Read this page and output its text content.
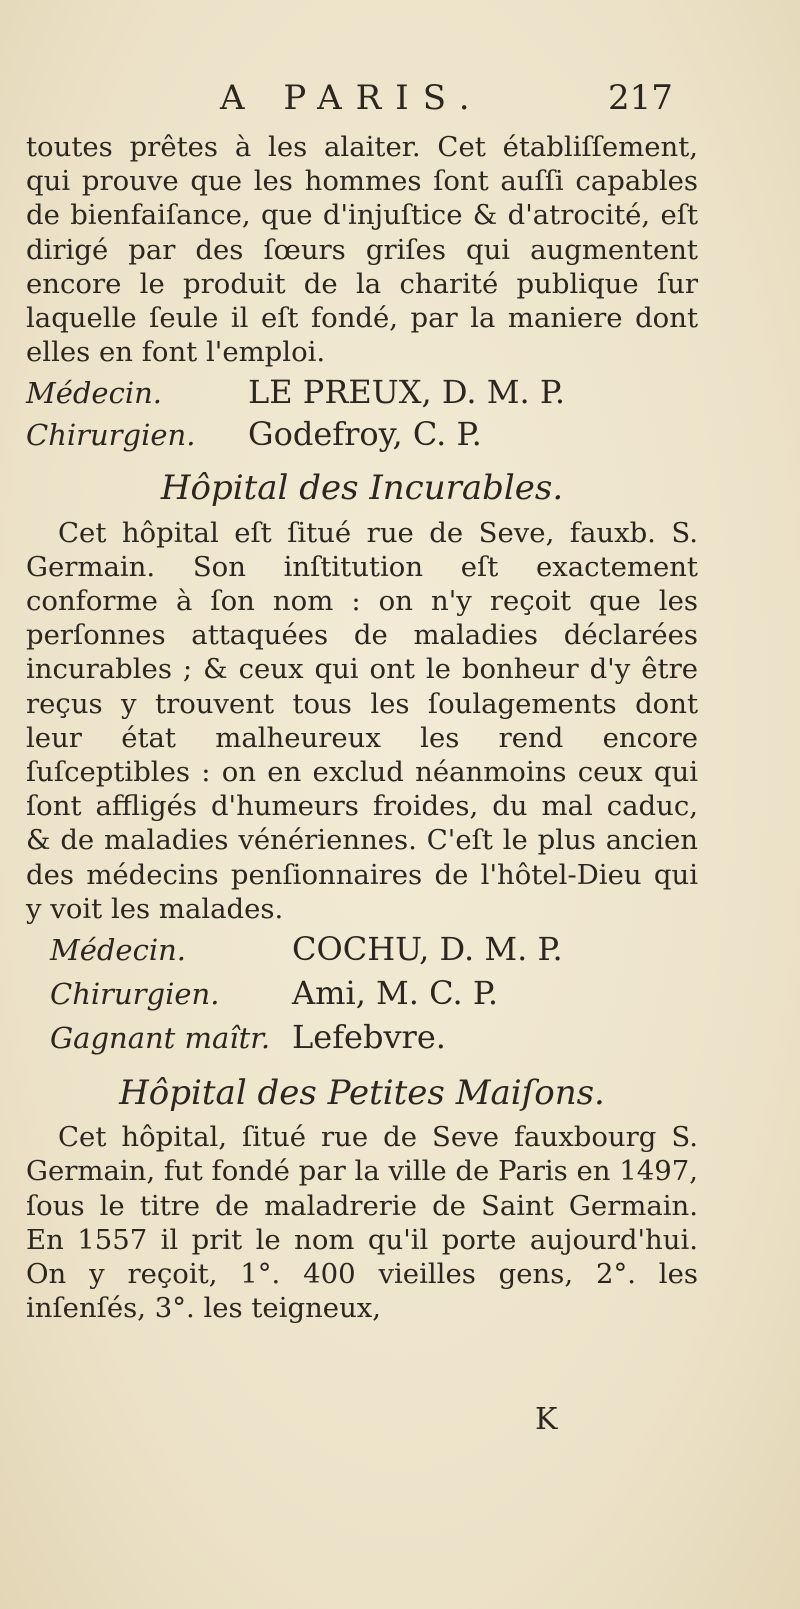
A PARIS.	217

toutes prêtes à les alaiter. Cet établiſſement, qui prouve que les hommes ſont auſſi capables de bienfaiſance, que d'injuſtice & d'atrocité, eſt dirigé par des ſœurs griſes qui augmentent encore le produit de la charité publique ſur laquelle ſeule il eſt fondé, par la maniere dont elles en font l'emploi.

Médecin.	LE PREUX, D. M. P.
Chirurgien.	Godefroy, C. P.
Hôpital des Incurables.

Cet hôpital eſt ſitué rue de Seve, fauxb. S. Germain. Son inſtitution eſt exactement conforme à ſon nom : on n'y reçoit que les perſonnes attaquées de maladies déclarées incurables ; & ceux qui ont le bonheur d'y être reçus y trouvent tous les ſoulagements dont leur état malheureux les rend encore ſuſceptibles : on en exclud néanmoins ceux qui ſont affligés d'humeurs froides, du mal caduc, & de maladies vénériennes. C'eſt le plus ancien des médecins penſionnaires de l'hôtel-Dieu qui y voit les malades.

Médecin.	COCHU, D. M. P.
Chirurgien.	Ami, M. C. P.
Gagnant maîtr. Lefebvre.
Hôpital des Petites Maiſons.

Cet hôpital, ſitué rue de Seve fauxbourg S. Germain, fut fondé par la ville de Paris en 1497, ſous le titre de maladrerie de Saint Germain. En 1557 il prit le nom qu'il porte aujourd'hui. On y reçoit, 1°. 400 vieilles gens, 2°. les inſenſés, 3°. les teigneux,

K
